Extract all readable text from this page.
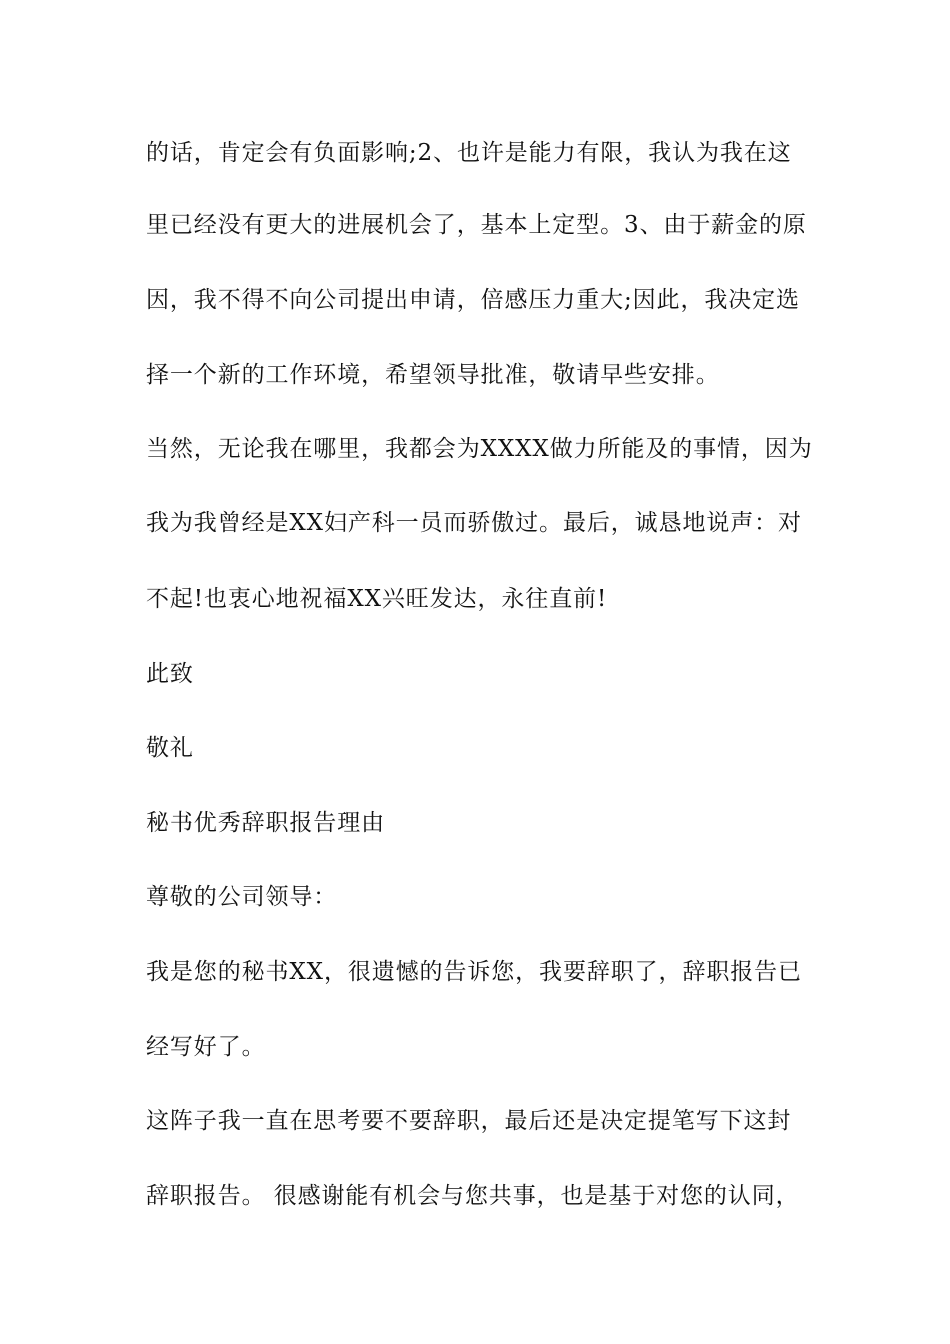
的话，肯定会有负面影响;2、也许是能力有限，我认为我在这
里已经没有更大的进展机会了，基本上定型。3、由于薪金的原
因，我不得不向公司提出申请，倍感压力重大;因此，我决定选
择一个新的工作环境，希望领导批准，敬请早些安排。
当然，无论我在哪里，我都会为XXXX做力所能及的事情，因为
我为我曾经是XX妇产科一员而骄傲过。最后，诚恳地说声：对
不起!也衷心地祝福XX兴旺发达，永往直前!
此致
敬礼
秘书优秀辞职报告理由
尊敬的公司领导：
我是您的秘书XX，很遗憾的告诉您，我要辞职了，辞职报告已
经写好了。
这阵子我一直在思考要不要辞职，最后还是决定提笔写下这封
辞职报告。 很感谢能有机会与您共事，也是基于对您的认同，
